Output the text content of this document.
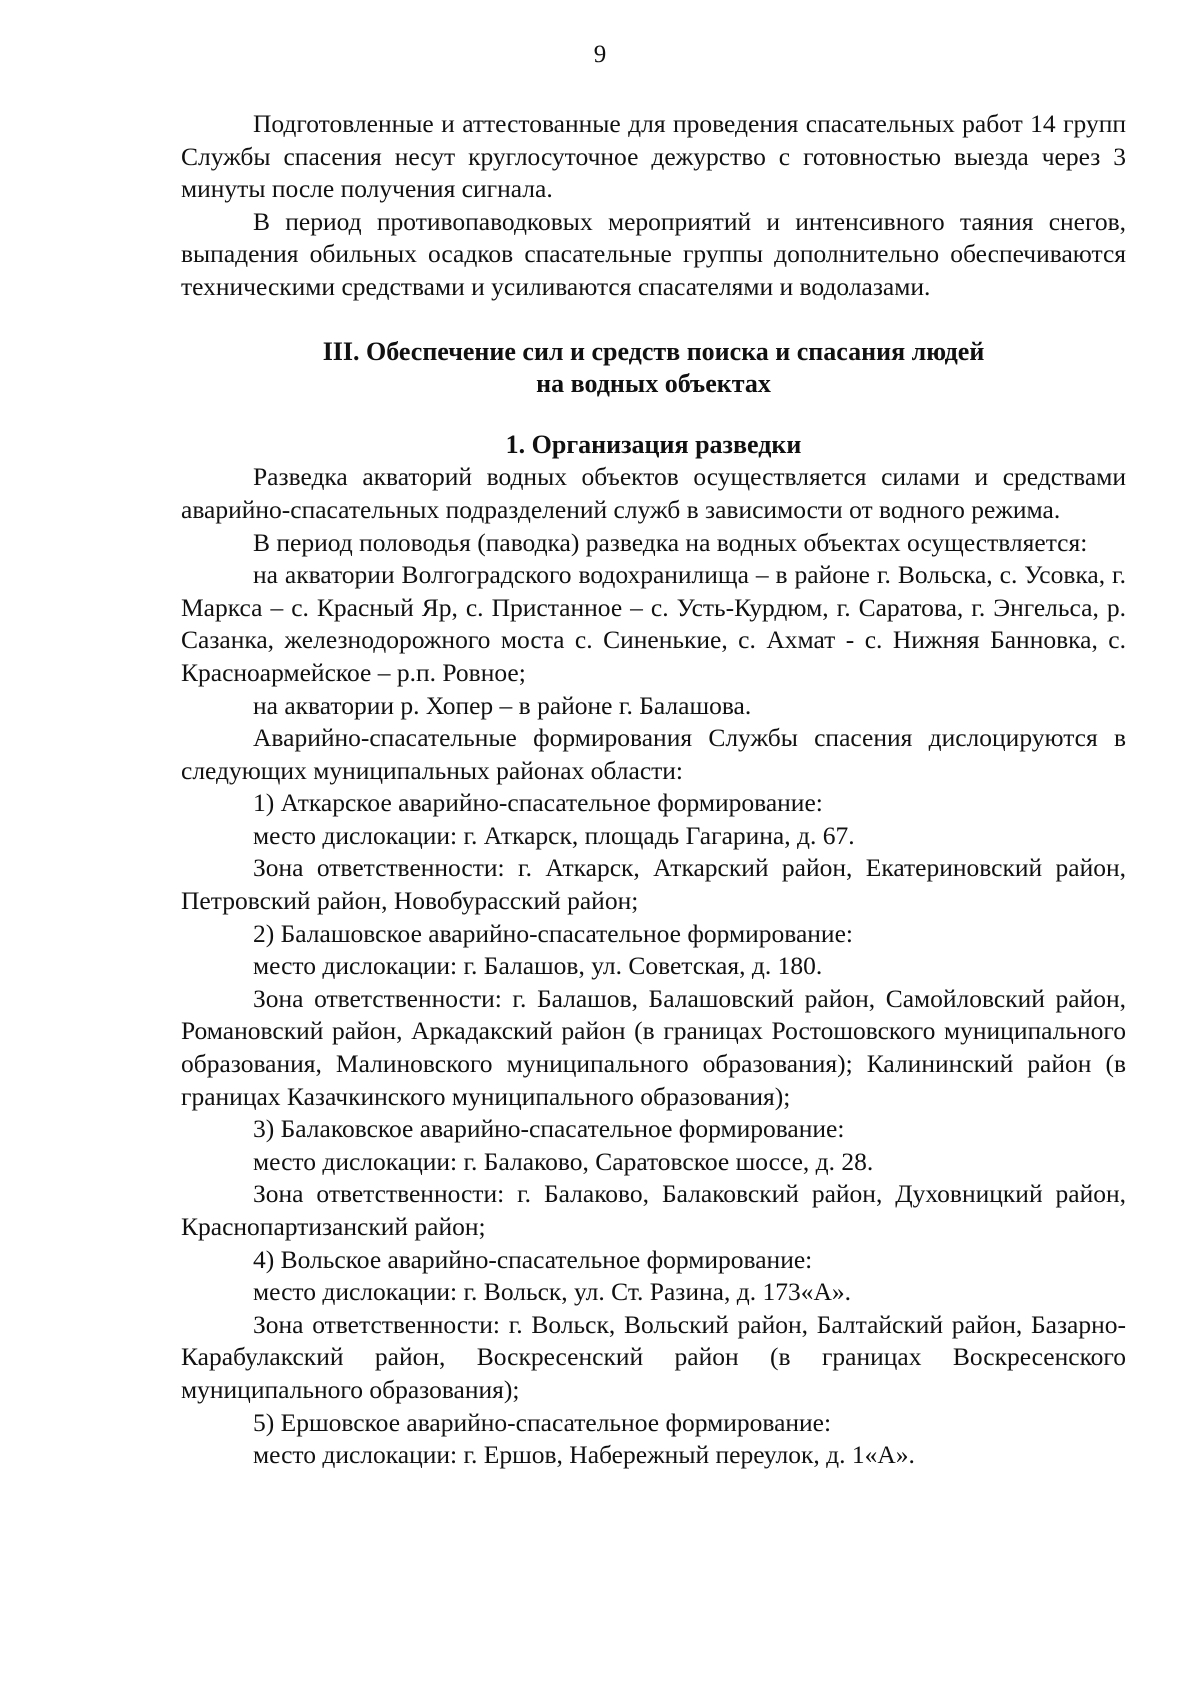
9

Подготовленные и аттестованные для проведения спасательных работ 14 групп Службы спасения несут круглосуточное дежурство с готовностью выезда через 3 минуты после получения сигнала.

В период противопаводковых мероприятий и интенсивного таяния снегов, выпадения обильных осадков спасательные группы дополнительно обеспечиваются техническими средствами и усиливаются спасателями и водолазами.

III. Обеспечение сил и средств поиска и спасания людей
на водных объектах
1. Организация разведки

Разведка акваторий водных объектов осуществляется силами и средствами аварийно-спасательных подразделений служб в зависимости от водного режима.

В период половодья (паводка) разведка на водных объектах осуществляется:

на акватории Волгоградского водохранилища – в районе г. Вольска, с. Усовка, г. Маркса – с. Красный Яр, с. Пристанное – с. Усть-Курдюм, г. Саратова, г. Энгельса, р. Сазанка, железнодорожного моста с. Синенькие, с. Ахмат - с. Нижняя Банновка, с. Красноармейское – р.п. Ровное;

на акватории р. Хопер – в районе г. Балашова.

Аварийно-спасательные формирования Службы спасения дислоцируются в следующих муниципальных районах области:

1) Аткарское аварийно-спасательное формирование:

место дислокации: г. Аткарск, площадь Гагарина, д. 67.

Зона ответственности: г. Аткарск, Аткарский район, Екатериновский район, Петровский район, Новобурасский район;

2) Балашовское аварийно-спасательное формирование:

место дислокации: г. Балашов, ул. Советская, д. 180.

Зона ответственности: г. Балашов, Балашовский район, Самойловский район, Романовский район, Аркадакский район (в границах Ростошовского муниципального образования, Малиновского муниципального образования); Калининский район (в границах Казачкинского муниципального образования);

3) Балаковское аварийно-спасательное формирование:

место дислокации: г. Балаково, Саратовское шоссе, д. 28.

Зона ответственности: г. Балаково, Балаковский район, Духовницкий район, Краснопартизанский район;

4) Вольское аварийно-спасательное формирование:

место дислокации: г. Вольск, ул. Ст. Разина, д. 173«А».

Зона ответственности: г. Вольск, Вольский район, Балтайский район, Базарно-Карабулакский район, Воскресенский район (в границах Воскресенского муниципального образования);

5) Ершовское аварийно-спасательное формирование:

место дислокации: г. Ершов, Набережный переулок, д. 1«А».
